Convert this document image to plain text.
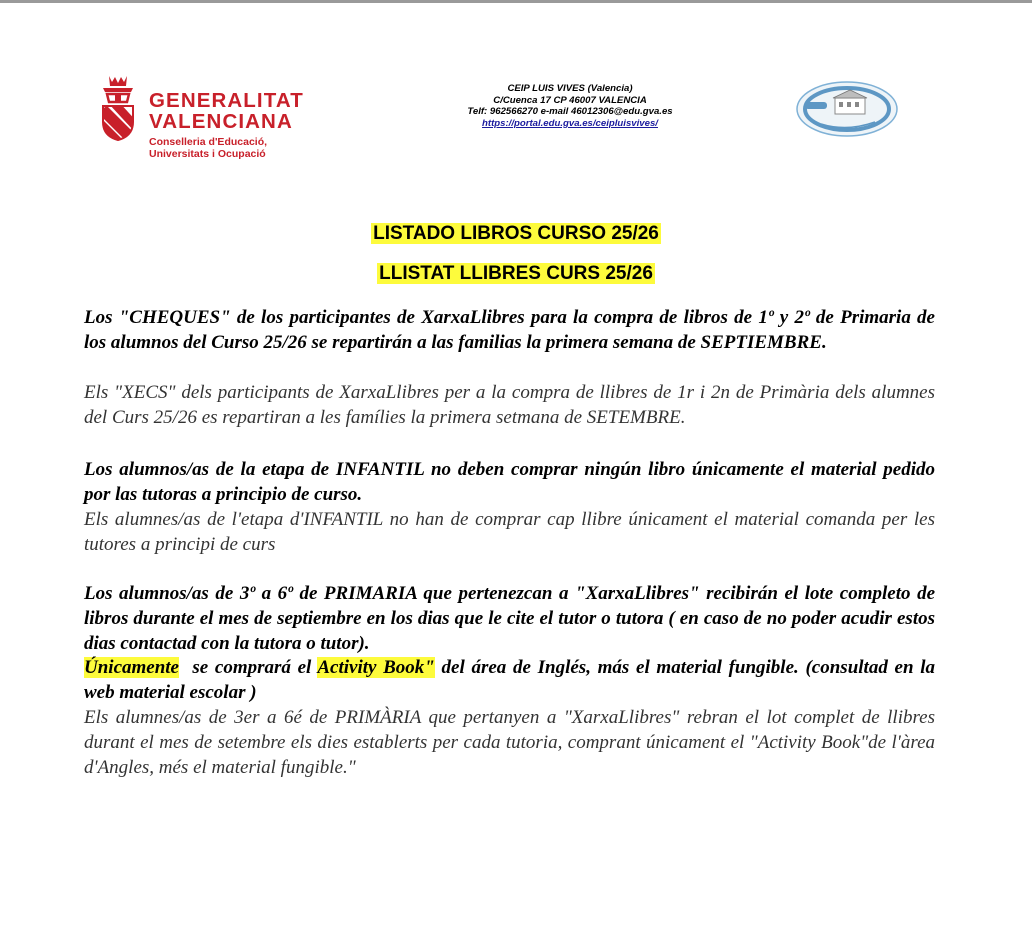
GENERALITAT
VALENCIANA
Conselleria d'Educació,
Universitats i Ocupació
CEIP LUIS VIVES (Valencia)
C/Cuenca 17 CP 46007 VALENCIA
Telf: 962566270 e-mail 46012306@edu.gva.es
https://portal.edu.gva.es/ceipluisvives/
LISTADO LIBROS CURSO 25/26
LLISTAT LLIBRES CURS 25/26

Los "CHEQUES" de los participantes de XarxaLlibres para la compra de libros de 1º y 2º de Primaria de los alumnos del Curso 25/26 se repartirán a las familias la primera semana de SEPTIEMBRE.

Els "XECS" dels participants de XarxaLlibres per a la compra de llibres de 1r i 2n de Primària dels alumnes del Curs 25/26 es repartiran a les famílies la primera setmana de SETEMBRE.

Los alumnos/as de la etapa de INFANTIL no deben comprar ningún libro únicamente el material pedido por las tutoras a principio de curso.

Els alumnes/as de l'etapa d'INFANTIL no han de comprar cap llibre únicament el material comanda per les tutores a principi de curs

Los alumnos/as de 3º a 6º de PRIMARIA que pertenezcan a "XarxaLlibres" recibirán el lote completo de libros durante el mes de septiembre en los dias que le cite el tutor o tutora ( en caso de no poder acudir estos dias contactad con la tutora o tutor).

Únicamente  se comprará el Activity Book" del área de Inglés, más el material fungible. (consultad en la web material escolar )

Els alumnes/as de 3er a 6é de PRIMÀRIA que pertanyen a "XarxaLlibres" rebran el lot complet de llibres durant el mes de setembre els dies establerts per cada tutoria, comprant únicament el "Activity Book"de l'àrea d'Angles, més el material fungible."
